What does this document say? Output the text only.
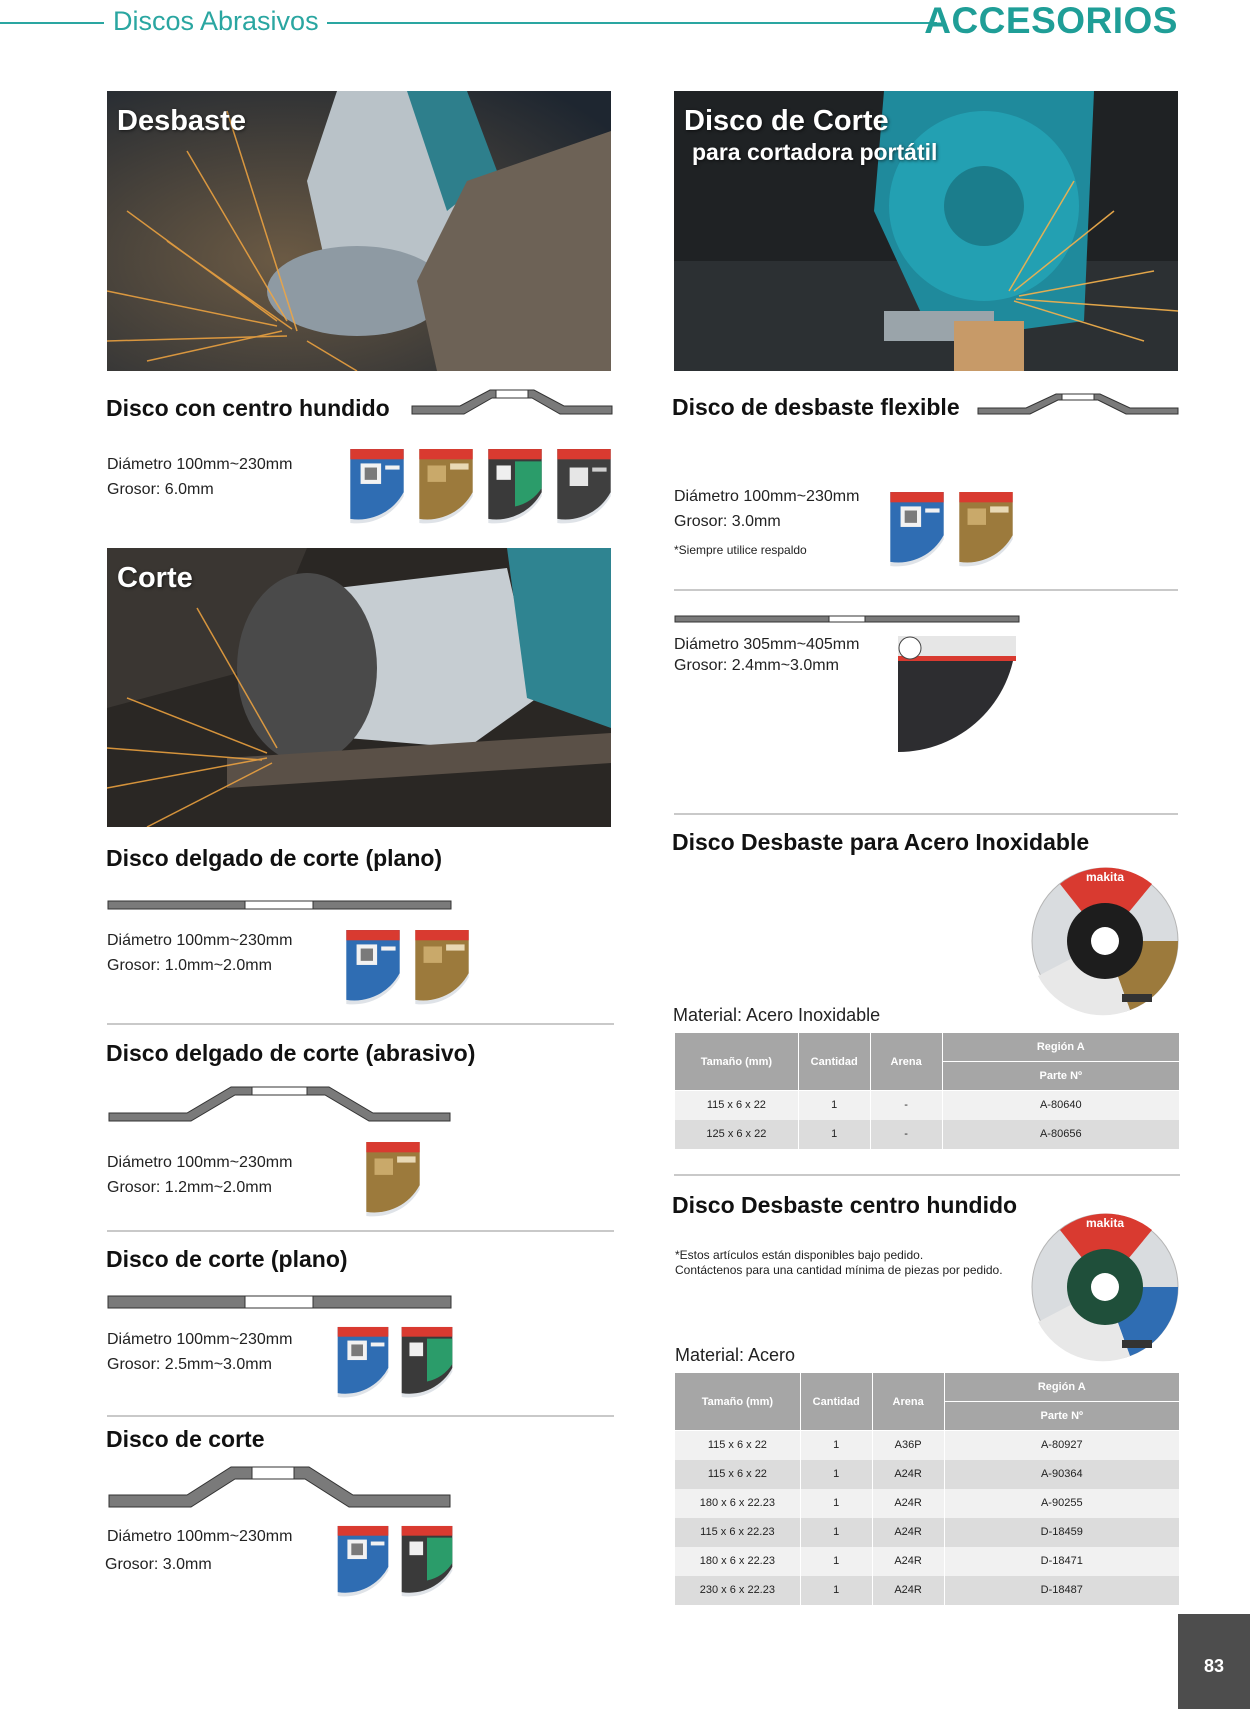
Discos Abrasivos	ACCESORIOS
Desbaste	Disco de Corte
para cortadora portátil
Disco con centro hundido
Diámetro 100mm~230mm
Grosor: 6.0mm
Corte
Disco delgado de corte (plano)
Diámetro 100mm~230mm
Grosor: 1.0mm~2.0mm
Disco delgado de corte (abrasivo)
Diámetro 100mm~230mm
Grosor: 1.2mm~2.0mm
Disco de corte (plano)
Diámetro 100mm~230mm
Grosor: 2.5mm~3.0mm
Disco de corte
Diámetro 100mm~230mm
Grosor: 3.0mm
Disco de desbaste flexible
Diámetro 100mm~230mm
Grosor: 3.0mm
*Siempre utilice respaldo
Diámetro 305mm~405mm
Grosor: 2.4mm~3.0mm
Disco Desbaste para Acero Inoxidable
makita
Material: Acero Inoxidable
Tamaño (mm)	Cantidad	Arena	Región A
			Parte Nº
115 x 6 x 22	1	-	A-80640
125 x 6 x 22	1	-	A-80656
Disco Desbaste centro hundido
*Estos artículos están disponibles bajo pedido.
Contáctenos para una cantidad mínima de piezas por pedido.
makita
Material: Acero
Tamaño (mm)	Cantidad	Arena	Región A
			Parte Nº
115 x 6 x 22	1	A36P	A-80927
115 x 6 x 22	1	A24R	A-90364
180 x 6 x 22.23	1	A24R	A-90255
115 x 6 x 22.23	1	A24R	D-18459
180 x 6 x 22.23	1	A24R	D-18471
230 x 6 x 22.23	1	A24R	D-18487
83
